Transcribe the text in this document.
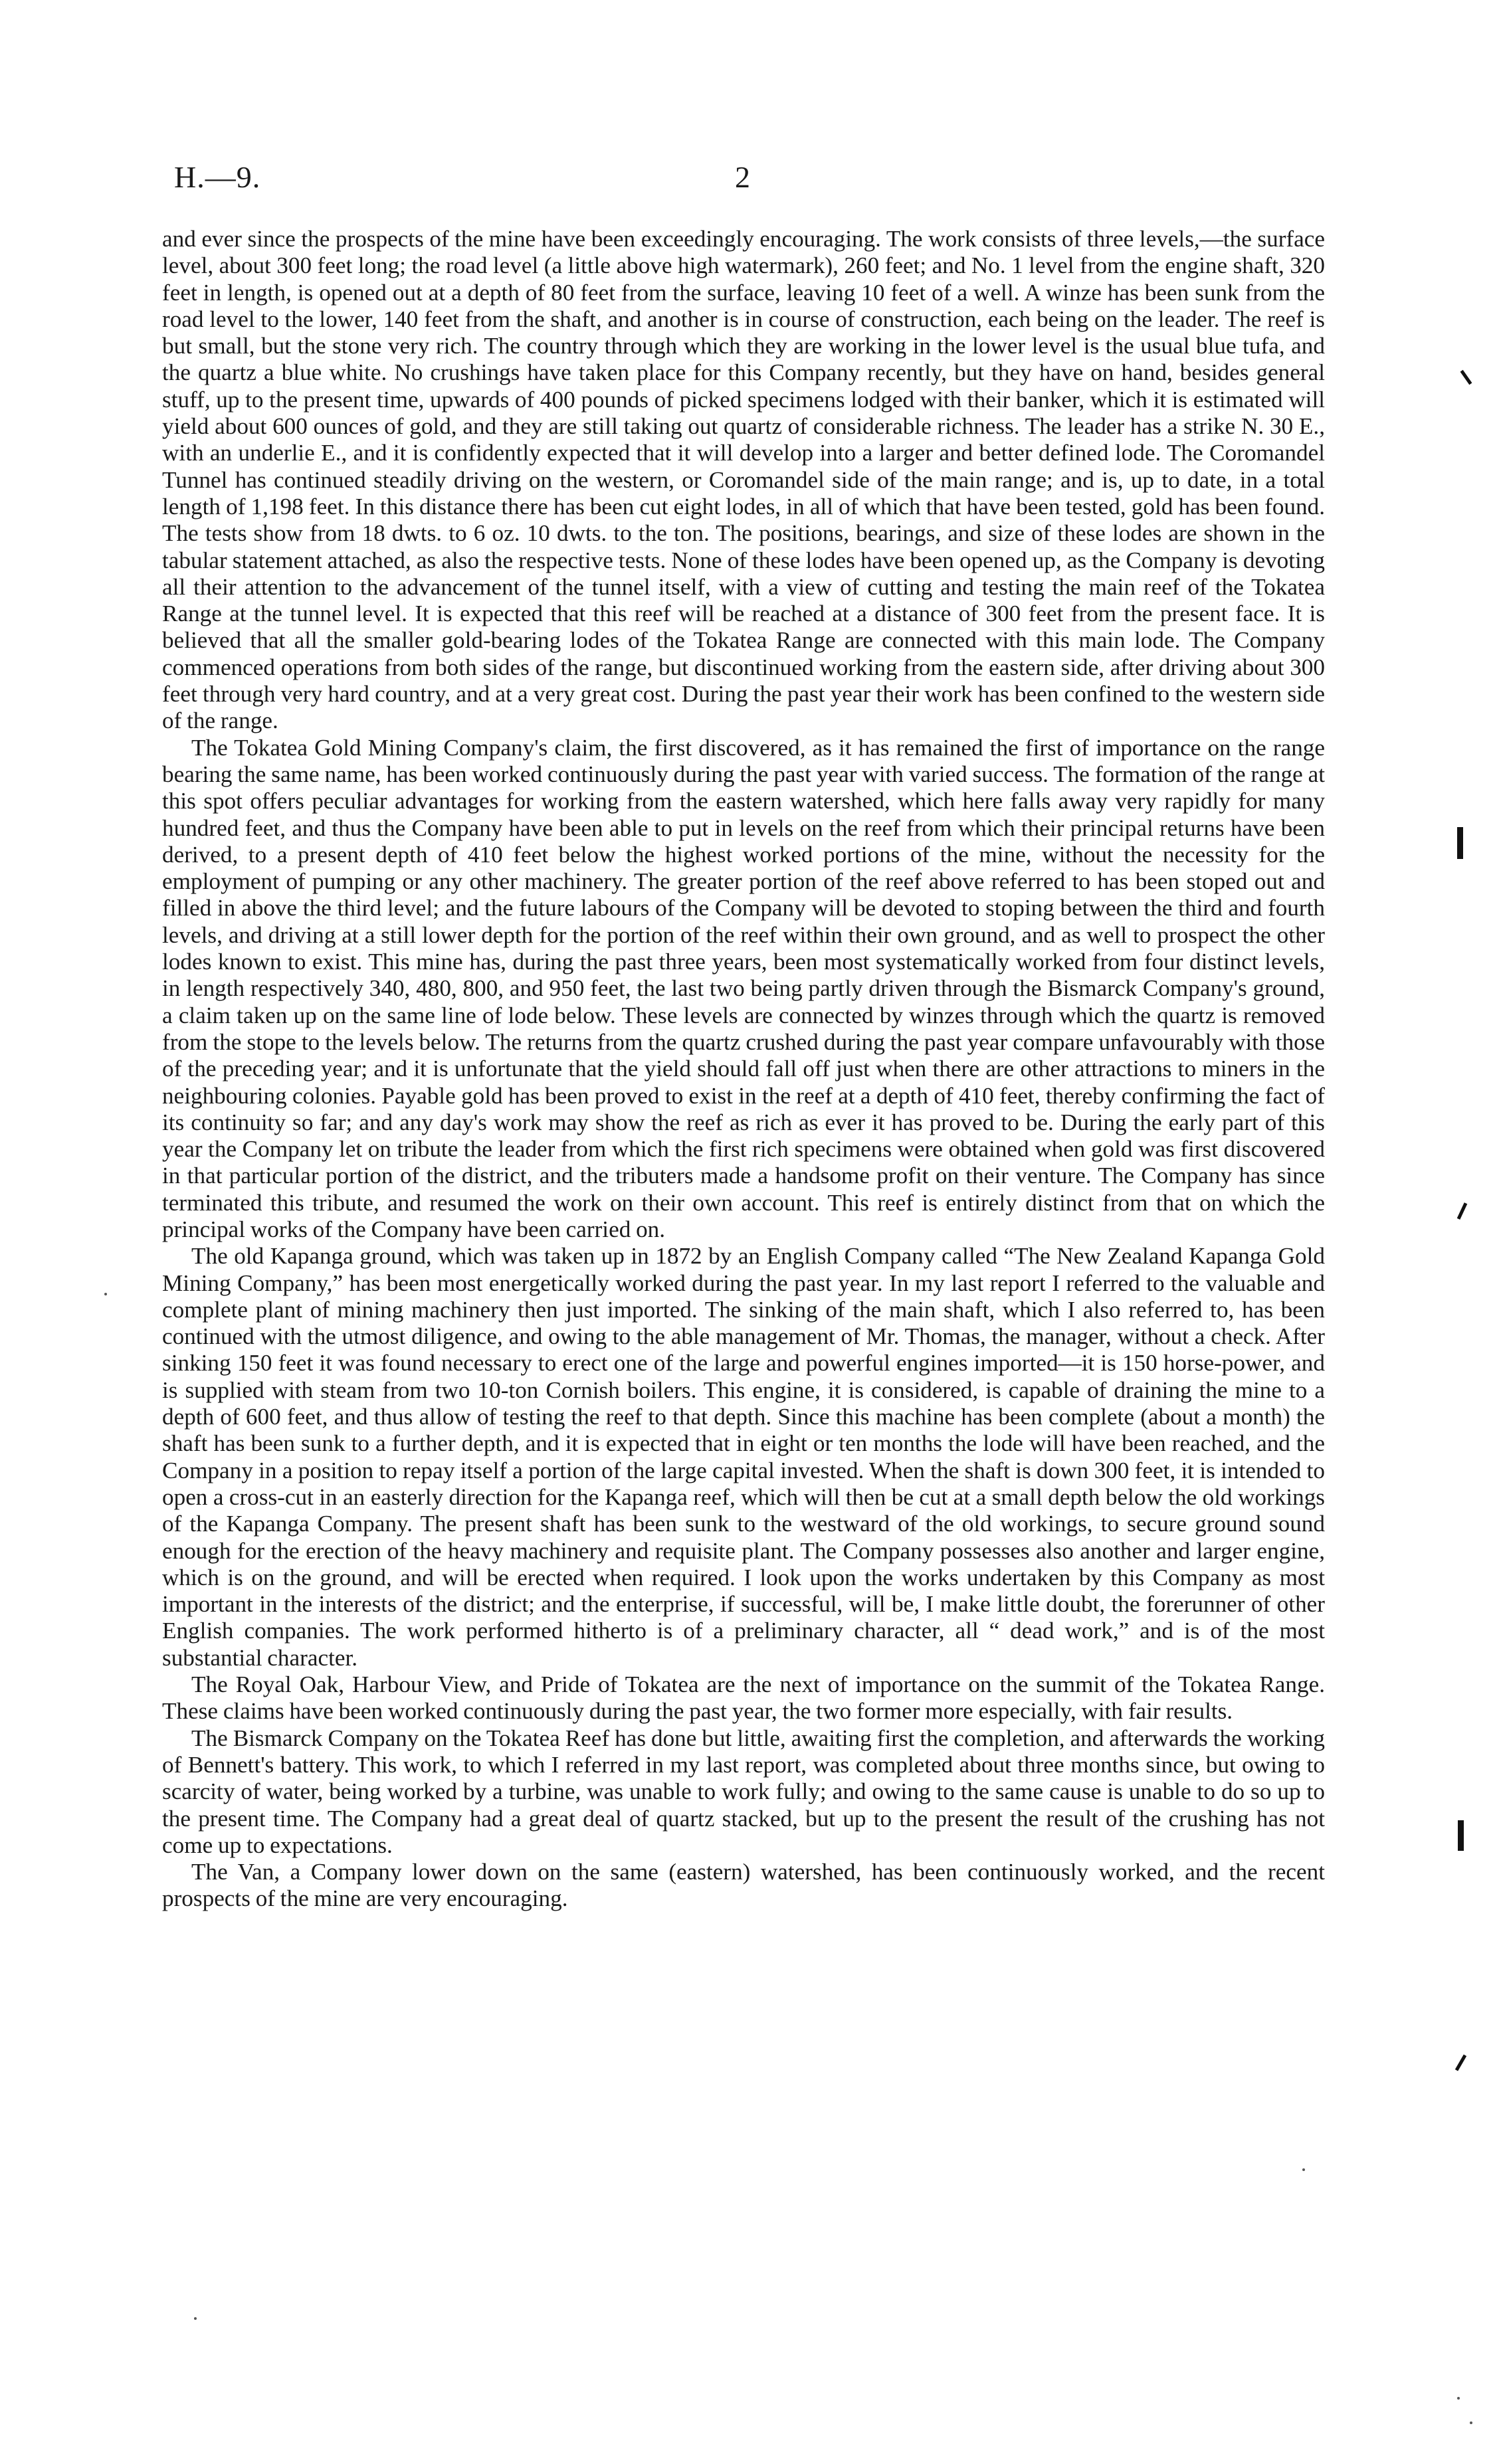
H.—9.	2

and ever since the prospects of the mine have been exceedingly encouraging. The work consists of three levels,—the surface level, about 300 feet long; the road level (a little above high watermark), 260 feet; and No. 1 level from the engine shaft, 320 feet in length, is opened out at a depth of 80 feet from the surface, leaving 10 feet of a well. A winze has been sunk from the road level to the lower, 140 feet from the shaft, and another is in course of construction, each being on the leader. The reef is but small, but the stone very rich. The country through which they are working in the lower level is the usual blue tufa, and the quartz a blue white. No crushings have taken place for this Company recently, but they have on hand, besides general stuff, up to the present time, upwards of 400 pounds of picked specimens lodged with their banker, which it is estimated will yield about 600 ounces of gold, and they are still taking out quartz of considerable richness. The leader has a strike N. 30 E., with an underlie E., and it is confidently expected that it will develop into a larger and better defined lode. The Coromandel Tunnel has continued steadily driving on the western, or Coromandel side of the main range; and is, up to date, in a total length of 1,198 feet. In this distance there has been cut eight lodes, in all of which that have been tested, gold has been found. The tests show from 18 dwts. to 6 oz. 10 dwts. to the ton. The positions, bearings, and size of these lodes are shown in the tabular statement attached, as also the respective tests. None of these lodes have been opened up, as the Company is devoting all their attention to the advancement of the tunnel itself, with a view of cutting and testing the main reef of the Tokatea Range at the tunnel level. It is expected that this reef will be reached at a distance of 300 feet from the present face. It is believed that all the smaller gold-bearing lodes of the Tokatea Range are connected with this main lode. The Company commenced operations from both sides of the range, but discontinued working from the eastern side, after driving about 300 feet through very hard country, and at a very great cost. During the past year their work has been confined to the western side of the range.

The Tokatea Gold Mining Company's claim, the first discovered, as it has remained the first of importance on the range bearing the same name, has been worked continuously during the past year with varied success. The formation of the range at this spot offers peculiar advantages for working from the eastern watershed, which here falls away very rapidly for many hundred feet, and thus the Company have been able to put in levels on the reef from which their principal returns have been derived, to a present depth of 410 feet below the highest worked portions of the mine, without the necessity for the employment of pumping or any other machinery. The greater portion of the reef above referred to has been stoped out and filled in above the third level; and the future labours of the Company will be devoted to stoping between the third and fourth levels, and driving at a still lower depth for the portion of the reef within their own ground, and as well to prospect the other lodes known to exist. This mine has, during the past three years, been most systematically worked from four distinct levels, in length respectively 340, 480, 800, and 950 feet, the last two being partly driven through the Bismarck Company's ground, a claim taken up on the same line of lode below. These levels are connected by winzes through which the quartz is removed from the stope to the levels below. The returns from the quartz crushed during the past year compare unfavourably with those of the preceding year; and it is unfortunate that the yield should fall off just when there are other attractions to miners in the neighbouring colonies. Payable gold has been proved to exist in the reef at a depth of 410 feet, thereby confirming the fact of its continuity so far; and any day's work may show the reef as rich as ever it has proved to be. During the early part of this year the Company let on tribute the leader from which the first rich specimens were obtained when gold was first discovered in that particular portion of the district, and the tributers made a handsome profit on their venture. The Company has since terminated this tribute, and resumed the work on their own account. This reef is entirely distinct from that on which the principal works of the Company have been carried on.

The old Kapanga ground, which was taken up in 1872 by an English Company called “The New Zealand Kapanga Gold Mining Company,” has been most energetically worked during the past year. In my last report I referred to the valuable and complete plant of mining machinery then just imported. The sinking of the main shaft, which I also referred to, has been continued with the utmost diligence, and owing to the able management of Mr. Thomas, the manager, without a check. After sinking 150 feet it was found necessary to erect one of the large and powerful engines imported—it is 150 horse-power, and is supplied with steam from two 10-ton Cornish boilers. This engine, it is considered, is capable of draining the mine to a depth of 600 feet, and thus allow of testing the reef to that depth. Since this machine has been complete (about a month) the shaft has been sunk to a further depth, and it is expected that in eight or ten months the lode will have been reached, and the Company in a position to repay itself a portion of the large capital invested. When the shaft is down 300 feet, it is intended to open a cross-cut in an easterly direction for the Kapanga reef, which will then be cut at a small depth below the old workings of the Kapanga Company. The present shaft has been sunk to the westward of the old workings, to secure ground sound enough for the erection of the heavy machinery and requisite plant. The Company possesses also another and larger engine, which is on the ground, and will be erected when required. I look upon the works undertaken by this Company as most important in the interests of the district; and the enterprise, if successful, will be, I make little doubt, the forerunner of other English companies. The work performed hitherto is of a preliminary character, all “ dead work,” and is of the most substantial character.

The Royal Oak, Harbour View, and Pride of Tokatea are the next of importance on the summit of the Tokatea Range. These claims have been worked continuously during the past year, the two former more especially, with fair results.

The Bismarck Company on the Tokatea Reef has done but little, awaiting first the completion, and afterwards the working of Bennett's battery. This work, to which I referred in my last report, was completed about three months since, but owing to scarcity of water, being worked by a turbine, was unable to work fully; and owing to the same cause is unable to do so up to the present time. The Company had a great deal of quartz stacked, but up to the present the result of the crushing has not come up to expectations.

The Van, a Company lower down on the same (eastern) watershed, has been continuously worked, and the recent prospects of the mine are very encouraging.
